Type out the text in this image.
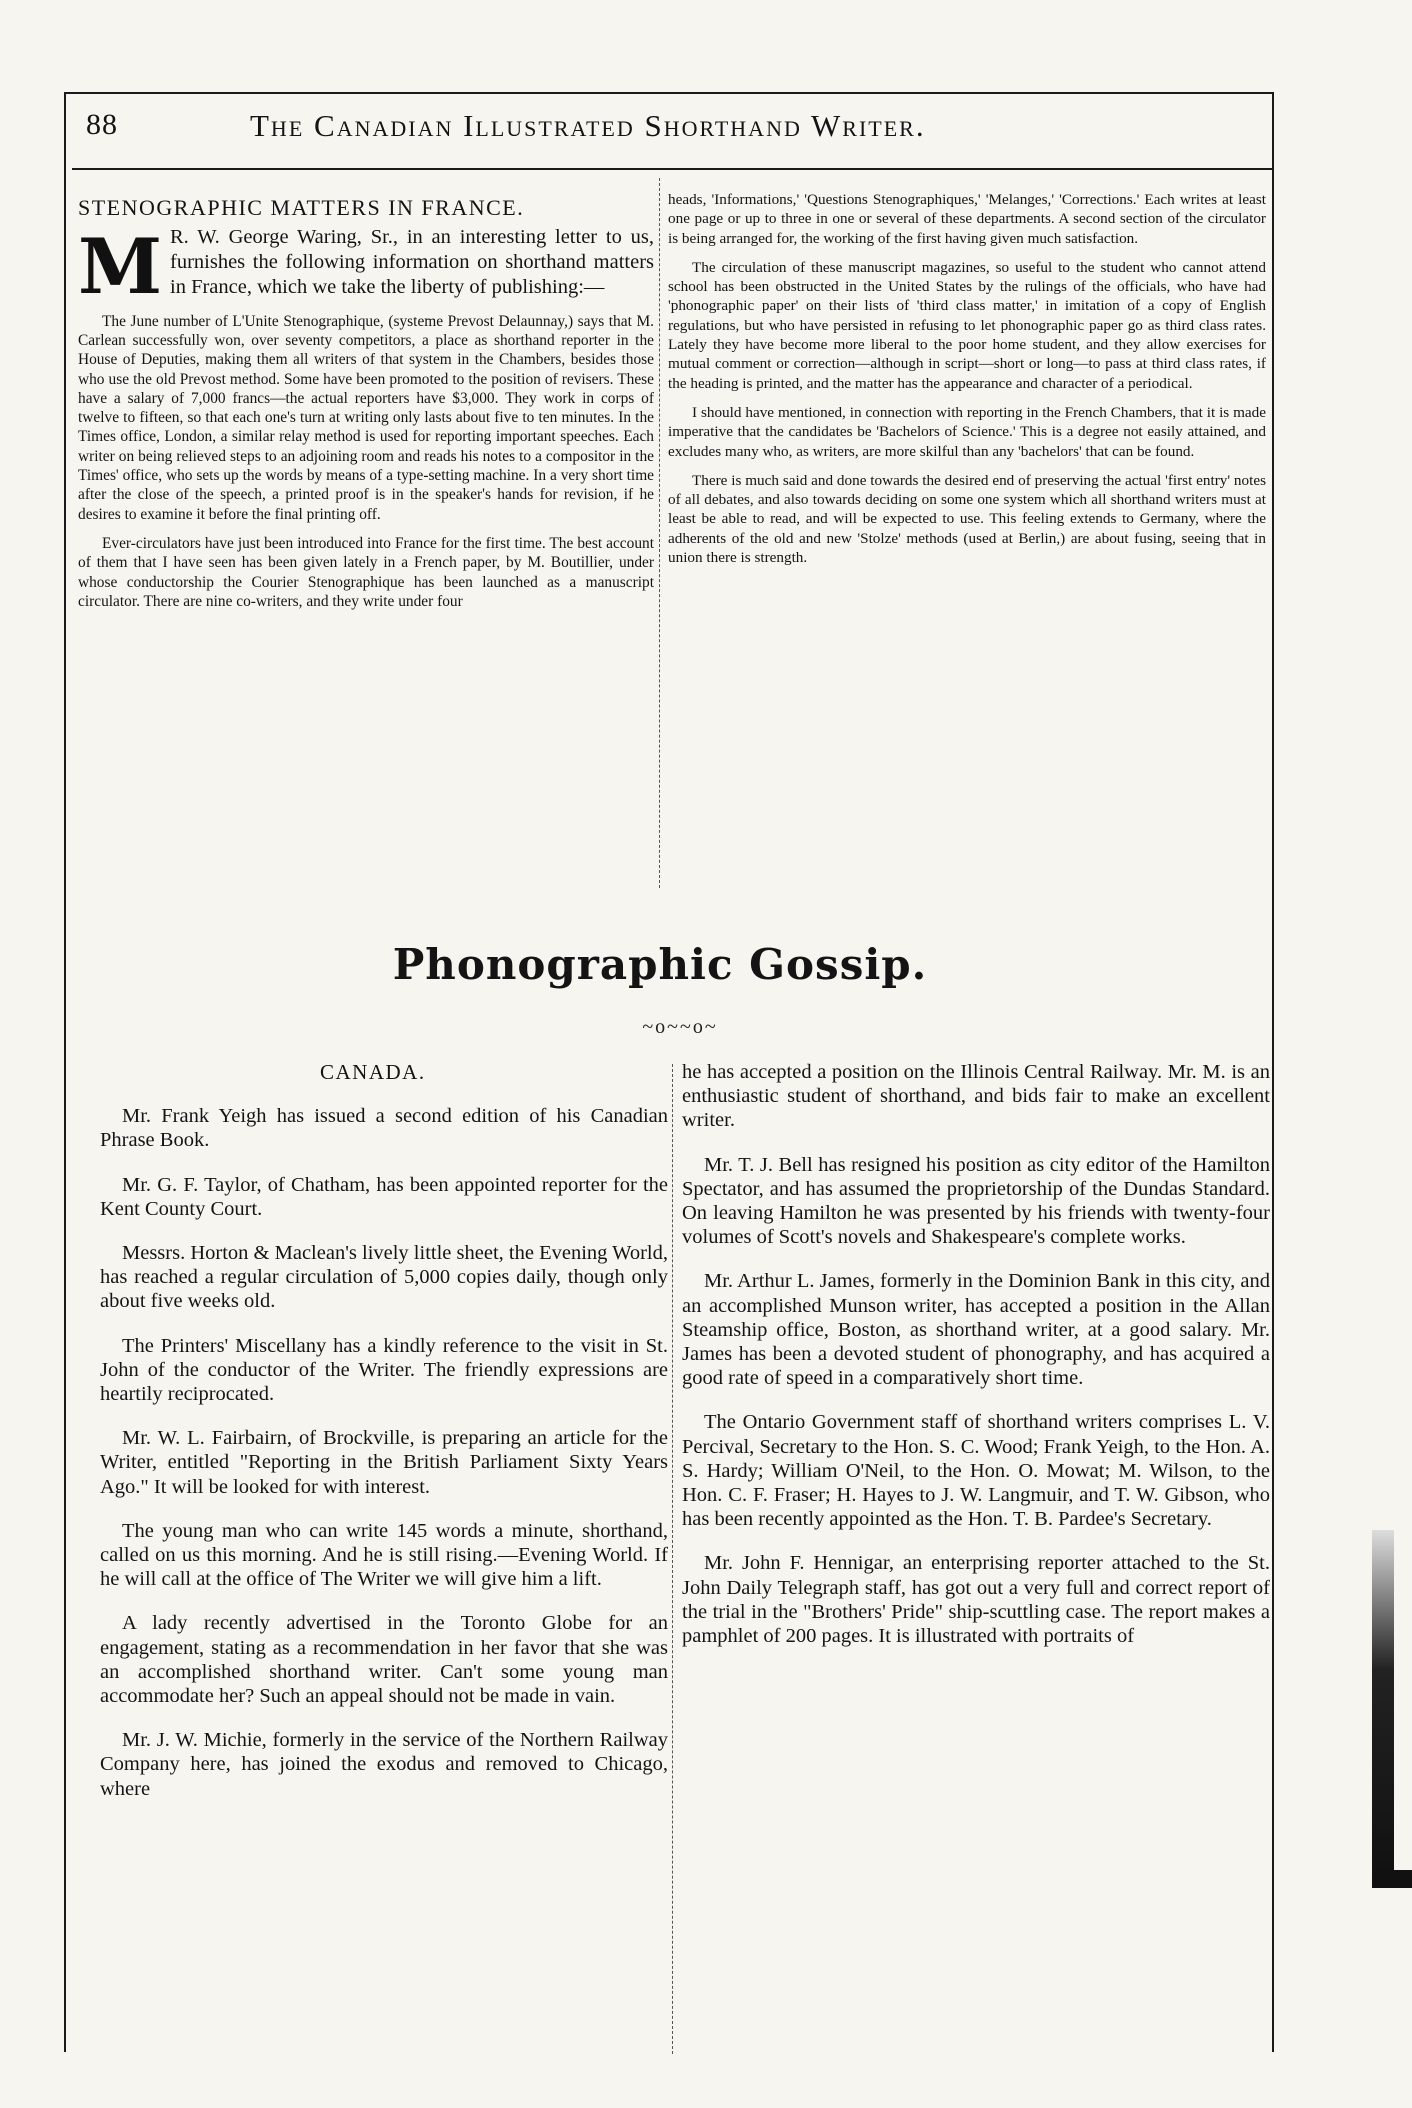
88	The Canadian Illustrated Shorthand Writer.
STENOGRAPHIC MATTERS IN FRANCE.

M R. W. George Waring, Sr., in an interesting letter to us, furnishes the following information on shorthand matters in France, which we take the liberty of publishing:—

The June number of L'Unite Stenographique, (systeme Prevost Delaunnay,) says that M. Carlean successfully won, over seventy competitors, a place as shorthand reporter in the House of Deputies, making them all writers of that system in the Chambers, besides those who use the old Prevost method. Some have been promoted to the position of revisers. These have a salary of 7,000 francs—the actual reporters have $3,000. They work in corps of twelve to fifteen, so that each one's turn at writing only lasts about five to ten minutes. In the Times office, London, a similar relay method is used for reporting important speeches. Each writer on being relieved steps to an adjoining room and reads his notes to a compositor in the Times' office, who sets up the words by means of a type-setting machine. In a very short time after the close of the speech, a printed proof is in the speaker's hands for revision, if he desires to examine it before the final printing off.

Ever-circulators have just been introduced into France for the first time. The best account of them that I have seen has been given lately in a French paper, by M. Boutillier, under whose conductorship the Courier Stenographique has been launched as a manuscript circulator. There are nine co-writers, and they write under four

heads, 'Informations,' 'Questions Stenographiques,' 'Melanges,' 'Corrections.' Each writes at least one page or up to three in one or several of these departments. A second section of the circulator is being arranged for, the working of the first having given much satisfaction.

The circulation of these manuscript magazines, so useful to the student who cannot attend school has been obstructed in the United States by the rulings of the officials, who have had 'phonographic paper' on their lists of 'third class matter,' in imitation of a copy of English regulations, but who have persisted in refusing to let phonographic paper go as third class rates. Lately they have become more liberal to the poor home student, and they allow exercises for mutual comment or correction—although in script—short or long—to pass at third class rates, if the heading is printed, and the matter has the appearance and character of a periodical.

I should have mentioned, in connection with reporting in the French Chambers, that it is made imperative that the candidates be 'Bachelors of Science.' This is a degree not easily attained, and excludes many who, as writers, are more skilful than any 'bachelors' that can be found.

There is much said and done towards the desired end of preserving the actual 'first entry' notes of all debates, and also towards deciding on some one system which all shorthand writers must at least be able to read, and will be expected to use. This feeling extends to Germany, where the adherents of the old and new 'Stolze' methods (used at Berlin,) are about fusing, seeing that in union there is strength.

Phonographic Gossip.
~o~~o~
CANADA.

Mr. Frank Yeigh has issued a second edition of his Canadian Phrase Book.

Mr. G. F. Taylor, of Chatham, has been appointed reporter for the Kent County Court.

Messrs. Horton & Maclean's lively little sheet, the Evening World, has reached a regular circulation of 5,000 copies daily, though only about five weeks old.

The Printers' Miscellany has a kindly reference to the visit in St. John of the conductor of the Writer. The friendly expressions are heartily reciprocated.

Mr. W. L. Fairbairn, of Brockville, is preparing an article for the Writer, entitled "Reporting in the British Parliament Sixty Years Ago." It will be looked for with interest.

The young man who can write 145 words a minute, shorthand, called on us this morning. And he is still rising.—Evening World. If he will call at the office of The Writer we will give him a lift.

A lady recently advertised in the Toronto Globe for an engagement, stating as a recommendation in her favor that she was an accomplished shorthand writer. Can't some young man accommodate her? Such an appeal should not be made in vain.

Mr. J. W. Michie, formerly in the service of the Northern Railway Company here, has joined the exodus and removed to Chicago, where

he has accepted a position on the Illinois Central Railway. Mr. M. is an enthusiastic student of shorthand, and bids fair to make an excellent writer.

Mr. T. J. Bell has resigned his position as city editor of the Hamilton Spectator, and has assumed the proprietorship of the Dundas Standard. On leaving Hamilton he was presented by his friends with twenty-four volumes of Scott's novels and Shakespeare's complete works.

Mr. Arthur L. James, formerly in the Dominion Bank in this city, and an accomplished Munson writer, has accepted a position in the Allan Steamship office, Boston, as shorthand writer, at a good salary. Mr. James has been a devoted student of phonography, and has acquired a good rate of speed in a comparatively short time.

The Ontario Government staff of shorthand writers comprises L. V. Percival, Secretary to the Hon. S. C. Wood; Frank Yeigh, to the Hon. A. S. Hardy; William O'Neil, to the Hon. O. Mowat; M. Wilson, to the Hon. C. F. Fraser; H. Hayes to J. W. Langmuir, and T. W. Gibson, who has been recently appointed as the Hon. T. B. Pardee's Secretary.

Mr. John F. Hennigar, an enterprising reporter attached to the St. John Daily Telegraph staff, has got out a very full and correct report of the trial in the "Brothers' Pride" ship-scuttling case. The report makes a pamphlet of 200 pages. It is illustrated with portraits of
